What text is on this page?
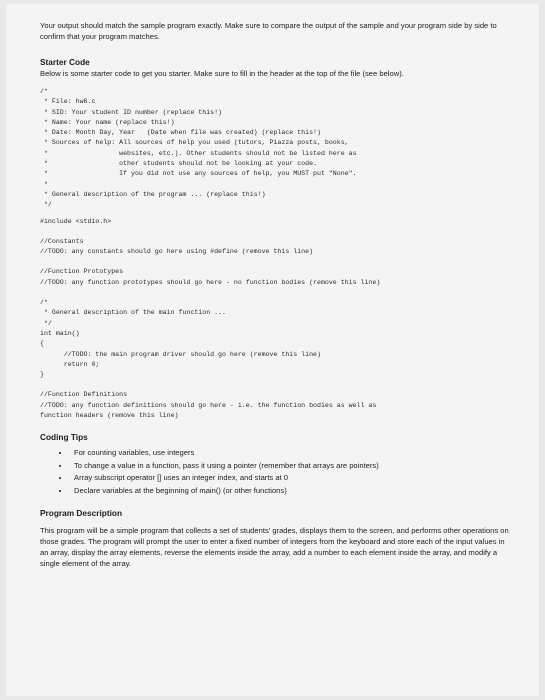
Your output should match the sample program exactly. Make sure to compare the output of the sample and your program side by side to confirm that your program matches.

Starter Code

Below is some starter code to get you starter. Make sure to fill in the header at the top of the file (see below).

/*
* File: hw6.c
* SID: Your student ID number (replace this!)
* Name: Your name (replace this!)
* Date: Month Day, Year   (Date when file was created) (replace this!)
* Sources of help: All sources of help you used (tutors, Piazza posts, books,
*                  websites, etc.). Other students should not be listed here as
*                  other students should not be looking at your code.
*                  If you did not use any sources of help, you MUST put "None".
*
* General description of the program ... (replace this!)
*/
#include <stdio.h>
//Constants
//TODO: any constants should go here using #define (remove this line)
//Function Prototypes
//TODO: any function prototypes should go here - no function bodies (remove this line)
/*
* General description of the main function ...
*/
int main()
{
//TODO: the main program driver should go here (remove this line)
return 0;
}
//Function Definitions
//TODO: any function definitions should go here - i.e. the function bodies as well as
function headers (remove this line)

Coding Tips

• For counting variables, use integers
• To change a value in a function, pass it using a pointer (remember that arrays are pointers)
• Array subscript operator [] uses an integer index, and starts at 0
• Declare variables at the beginning of main() (or other functions)

Program Description

This program will be a simple program that collects a set of students' grades, displays them to the screen, and performs other operations on those grades. The program will prompt the user to enter a fixed number of integers from the keyboard and store each of the input values in an array, display the array elements, reverse the elements inside the array, add a number to each element inside the array, and modify a single element of the array.
